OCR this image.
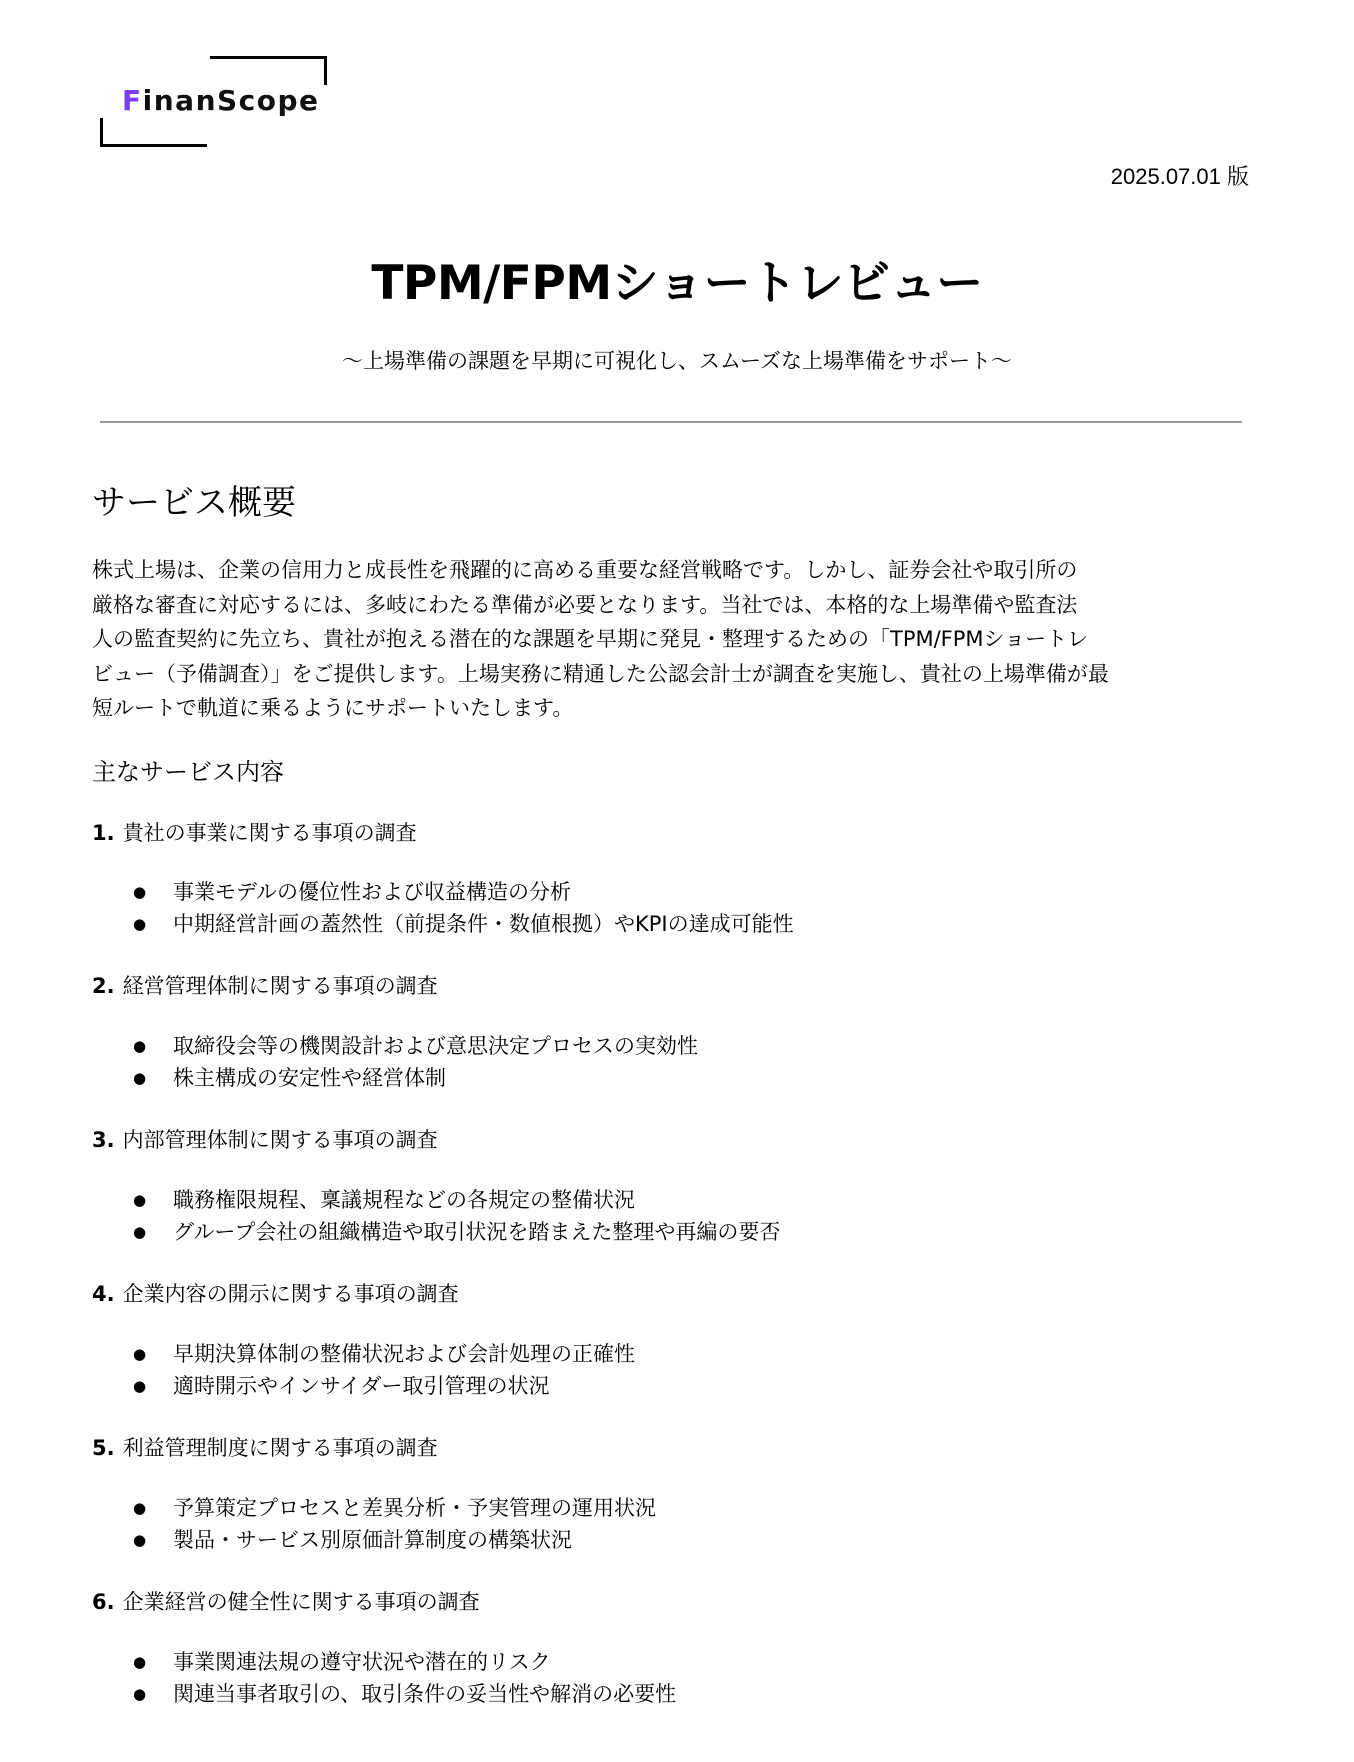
FinanScope
2025.07.01 版
TPM/FPMショートレビュー
〜上場準備の課題を早期に可視化し、スムーズな上場準備をサポート〜
サービス概要
株式上場は、企業の信用力と成長性を飛躍的に高める重要な経営戦略です。しかし、証券会社や取引所の
厳格な審査に対応するには、多岐にわたる準備が必要となります。当社では、本格的な上場準備や監査法
人の監査契約に先立ち、貴社が抱える潜在的な課題を早期に発見・整理するための「TPM/FPMショートレ
ビュー（予備調査）」をご提供します。上場実務に精通した公認会計士が調査を実施し、貴社の上場準備が最
短ルートで軌道に乗るようにサポートいたします。
主なサービス内容
1. 貴社の事業に関する事項の調査
● 事業モデルの優位性および収益構造の分析
● 中期経営計画の蓋然性（前提条件・数値根拠）やKPIの達成可能性
2. 経営管理体制に関する事項の調査
● 取締役会等の機関設計および意思決定プロセスの実効性
● 株主構成の安定性や経営体制
3. 内部管理体制に関する事項の調査
● 職務権限規程、稟議規程などの各規定の整備状況
● グループ会社の組織構造や取引状況を踏まえた整理や再編の要否
4. 企業内容の開示に関する事項の調査
● 早期決算体制の整備状況および会計処理の正確性
● 適時開示やインサイダー取引管理の状況
5. 利益管理制度に関する事項の調査
● 予算策定プロセスと差異分析・予実管理の運用状況
● 製品・サービス別原価計算制度の構築状況
6. 企業経営の健全性に関する事項の調査
● 事業関連法規の遵守状況や潜在的リスク
● 関連当事者取引の、取引条件の妥当性や解消の必要性
